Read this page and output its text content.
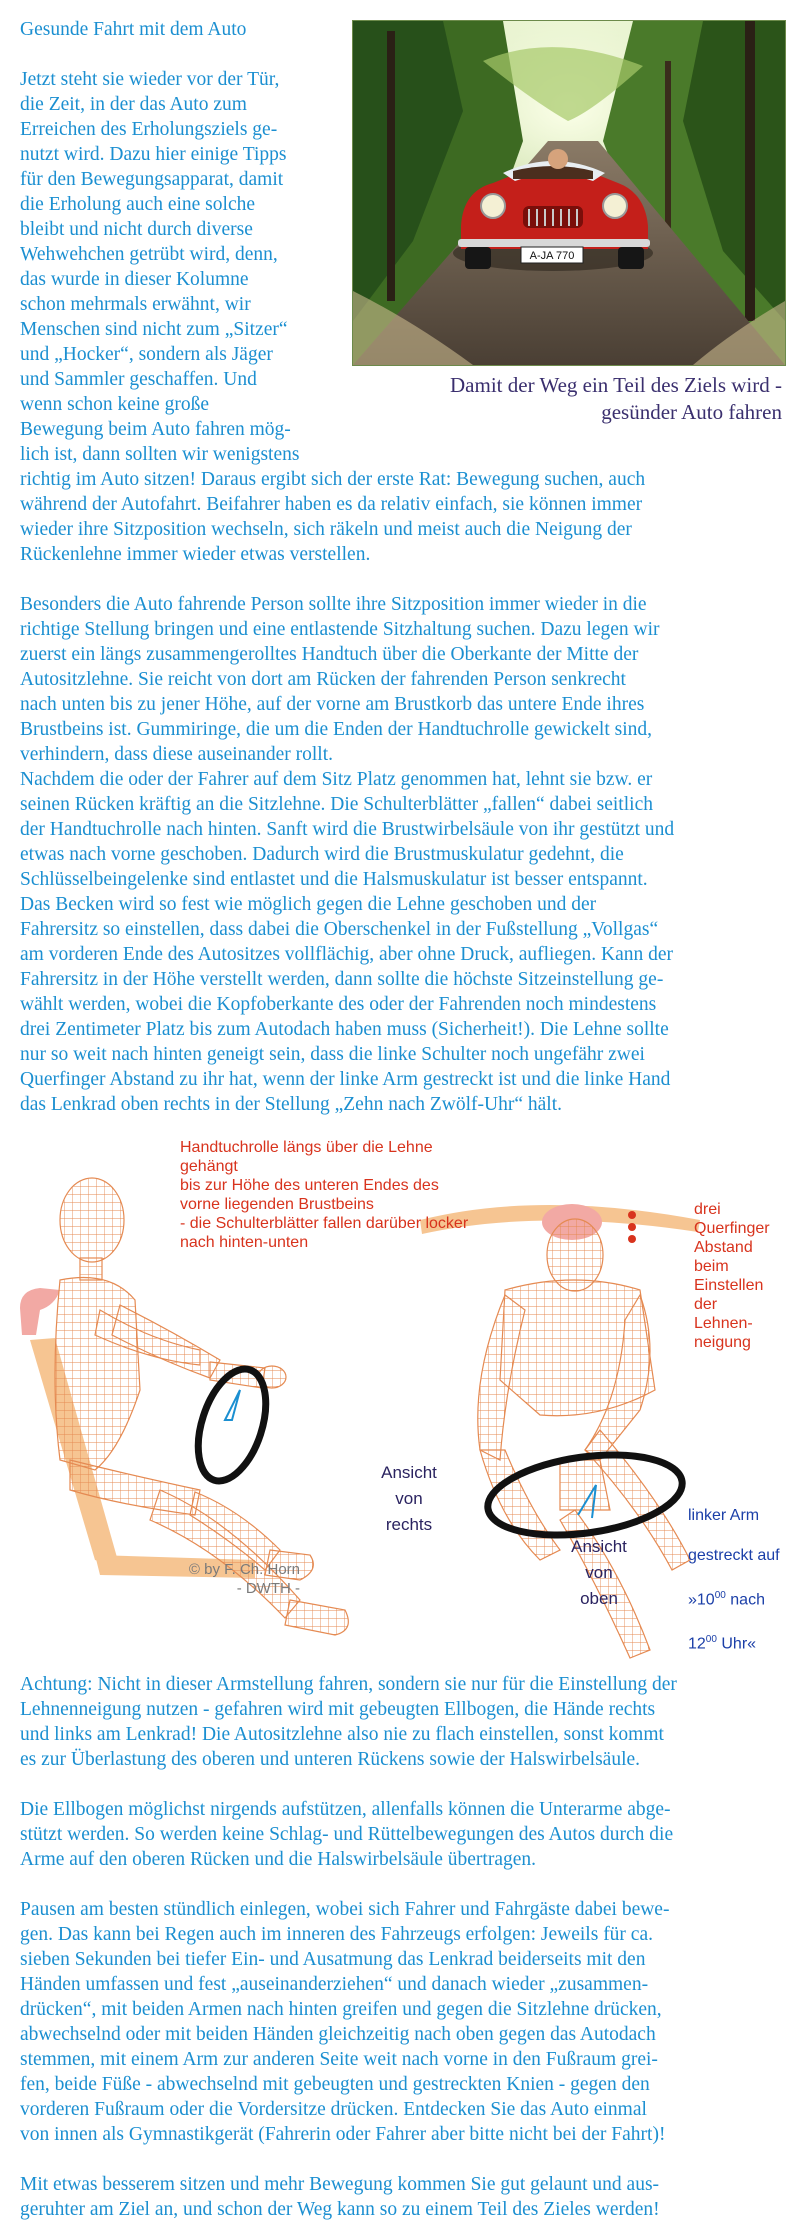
Gesunde Fahrt mit dem Auto
Jetzt steht sie wieder vor der Tür,
die Zeit, in der das Auto zum
Erreichen des Erholungsziels ge-
nutzt wird. Dazu hier einige Tipps
für den Bewegungsapparat, damit
die Erholung auch eine solche
bleibt und nicht durch diverse
Wehwehchen getrübt wird, denn,
das wurde in dieser Kolumne
schon mehrmals erwähnt, wir
Menschen sind nicht zum „Sitzer“
und „Hocker“, sondern als Jäger
und Sammler geschaffen. Und
wenn schon keine große
Bewegung beim Auto fahren mög-
lich ist, dann sollten wir wenigstens
A-JA 770
Damit der Weg ein Teil des Ziels wird -
gesünder Auto fahren

richtig im Auto sitzen! Daraus ergibt sich der erste Rat: Bewegung suchen, auch
während der Autofahrt. Beifahrer haben es da relativ einfach, sie können immer
wieder ihre Sitzposition wechseln, sich räkeln und meist auch die Neigung der
Rückenlehne immer wieder etwas verstellen.

Besonders die Auto fahrende Person sollte ihre Sitzposition immer wieder in die
richtige Stellung bringen und eine entlastende Sitzhaltung suchen. Dazu legen wir
zuerst ein längs zusammengerolltes Handtuch über die Oberkante der Mitte der
Autositzlehne. Sie reicht von dort am Rücken der fahrenden Person senkrecht
nach unten bis zu jener Höhe, auf der vorne am Brustkorb das untere Ende ihres
Brustbeins ist. Gummiringe, die um die Enden der Handtuchrolle gewickelt sind,
verhindern, dass diese auseinander rollt.
Nachdem die oder der Fahrer auf dem Sitz Platz genommen hat, lehnt sie bzw. er
seinen Rücken kräftig an die Sitzlehne. Die Schulterblätter „fallen“ dabei seitlich
der Handtuchrolle nach hinten. Sanft wird die Brustwirbelsäule von ihr gestützt und
etwas nach vorne geschoben. Dadurch wird die Brustmuskulatur gedehnt, die
Schlüsselbeingelenke sind entlastet und die Halsmuskulatur ist besser entspannt.
Das Becken wird so fest wie möglich gegen die Lehne geschoben und der
Fahrersitz so einstellen, dass dabei die Oberschenkel in der Fußstellung „Vollgas“
am vorderen Ende des Autositzes vollflächig, aber ohne Druck, aufliegen. Kann der
Fahrersitz in der Höhe verstellt werden, dann sollte die höchste Sitzeinstellung ge-
wählt werden, wobei die Kopfoberkante des oder der Fahrenden noch mindestens
drei Zentimeter Platz bis zum Autodach haben muss (Sicherheit!). Die Lehne sollte
nur so weit nach hinten geneigt sein, dass die linke Schulter noch ungefähr zwei
Querfinger Abstand zu ihr hat, wenn der linke Arm gestreckt ist und die linke Hand
das Lenkrad oben rechts in der Stellung „Zehn nach Zwölf-Uhr“ hält.

Handtuchrolle längs über die Lehne gehängt
bis zur Höhe des unteren Endes des
vorne liegenden Brustbeins
- die Schulterblätter fallen darüber locker
nach hinten-unten
drei
Querfinger
Abstand
beim
Einstellen
der
Lehnen-
neigung

linker Arm

gestreckt auf

$»10^{00}$ nach

$12^{00}$ Uhr«

Ansicht
von
rechts
Ansicht
von
oben
© by F. Ch. Horn
- DWTH -

Achtung: Nicht in dieser Armstellung fahren, sondern sie nur für die Einstellung der
Lehnenneigung nutzen - gefahren wird mit gebeugten Ellbogen, die Hände rechts
und links am Lenkrad! Die Autositzlehne also nie zu flach einstellen, sonst kommt
es zur Überlastung des oberen und unteren Rückens sowie der Halswirbelsäule.

Die Ellbogen möglichst nirgends aufstützen, allenfalls können die Unterarme abge-
stützt werden. So werden keine Schlag- und Rüttelbewegungen des Autos durch die
Arme auf den oberen Rücken und die Halswirbelsäule übertragen.

Pausen am besten stündlich einlegen, wobei sich Fahrer und Fahrgäste dabei bewe-
gen. Das kann bei Regen auch im inneren des Fahrzeugs erfolgen: Jeweils für ca.
sieben Sekunden bei tiefer Ein- und Ausatmung das Lenkrad beiderseits mit den
Händen umfassen und fest „auseinanderziehen“ und danach wieder „zusammen-
drücken“, mit beiden Armen nach hinten greifen und gegen die Sitzlehne drücken,
abwechselnd oder mit beiden Händen gleichzeitig nach oben gegen das Autodach
stemmen, mit einem Arm zur anderen Seite weit nach vorne in den Fußraum grei-
fen, beide Füße - abwechselnd mit gebeugten und gestreckten Knien - gegen den
vorderen Fußraum oder die Vordersitze drücken. Entdecken Sie das Auto einmal
von innen als Gymnastikgerät (Fahrerin oder Fahrer aber bitte nicht bei der Fahrt)!

Mit etwas besserem sitzen und mehr Bewegung kommen Sie gut gelaunt und aus-
geruhter am Ziel an, und schon der Weg kann so zu einem Teil des Zieles werden!
